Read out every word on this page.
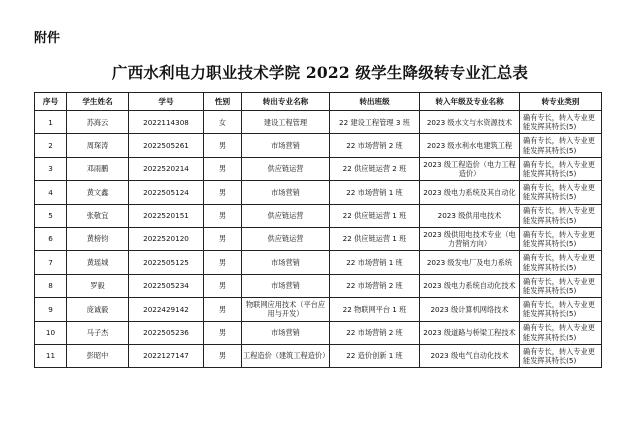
附件
广西水利电力职业技术学院 2022 级学生降级转专业汇总表
序号	学生姓名	学号	性别	转出专业名称	转出班级	转入年级及专业名称	转专业类别
1	苏海云	2022114308	女	建设工程管理	22 建设工程管理 3 班	2023 级水文与水资源技术	确有专长，转入专业更能发挥其特长(5)
2	周琛涛	2022505261	男	市场营销	22 市场营销 2 班	2023 级水利水电建筑工程	确有专长，转入专业更能发挥其特长(5)
3	邓雨鹏	2022520214	男	供应链运营	22 供应链运营 2 班	2023 级工程造价（电力工程造价）	确有专长，转入专业更能发挥其特长(5)
4	黄文鑫	2022505124	男	市场营销	22 市场营销 1 班	2023 级电力系统及其自动化	确有专长，转入专业更能发挥其特长(5)
5	张敬宜	2022520151	男	供应链运营	22 供应链运营 1 班	2023 级供用电技术	确有专长，转入专业更能发挥其特长(5)
6	黄榜钧	2022520120	男	供应链运营	22 供应链运营 1 班	2023 级供用电技术专业（电力营销方向）	确有专长，转入专业更能发挥其特长(5)
7	黄瑶城	2022505125	男	市场营销	22 市场营销 1 班	2023 级发电厂及电力系统	确有专长，转入专业更能发挥其特长(5)
8	罗毅	2022505234	男	市场营销	22 市场营销 2 班	2023 级电力系统自动化技术	确有专长，转入专业更能发挥其特长(5)
9	庞诚毅	2022429142	男	物联网应用技术（平台应用与开发）	22 物联网平台 1 班	2023 级计算机网络技术	确有专长，转入专业更能发挥其特长(5)
10	马子杰	2022505236	男	市场营销	22 市场营销 2 班	2023 级道路与桥梁工程技术	确有专长，转入专业更能发挥其特长(5)
11	彭昭中	2022127147	男	工程造价（建筑工程造价）	22 造价创新 1 班	2023 级电气自动化技术	确有专长，转入专业更能发挥其特长(5)
